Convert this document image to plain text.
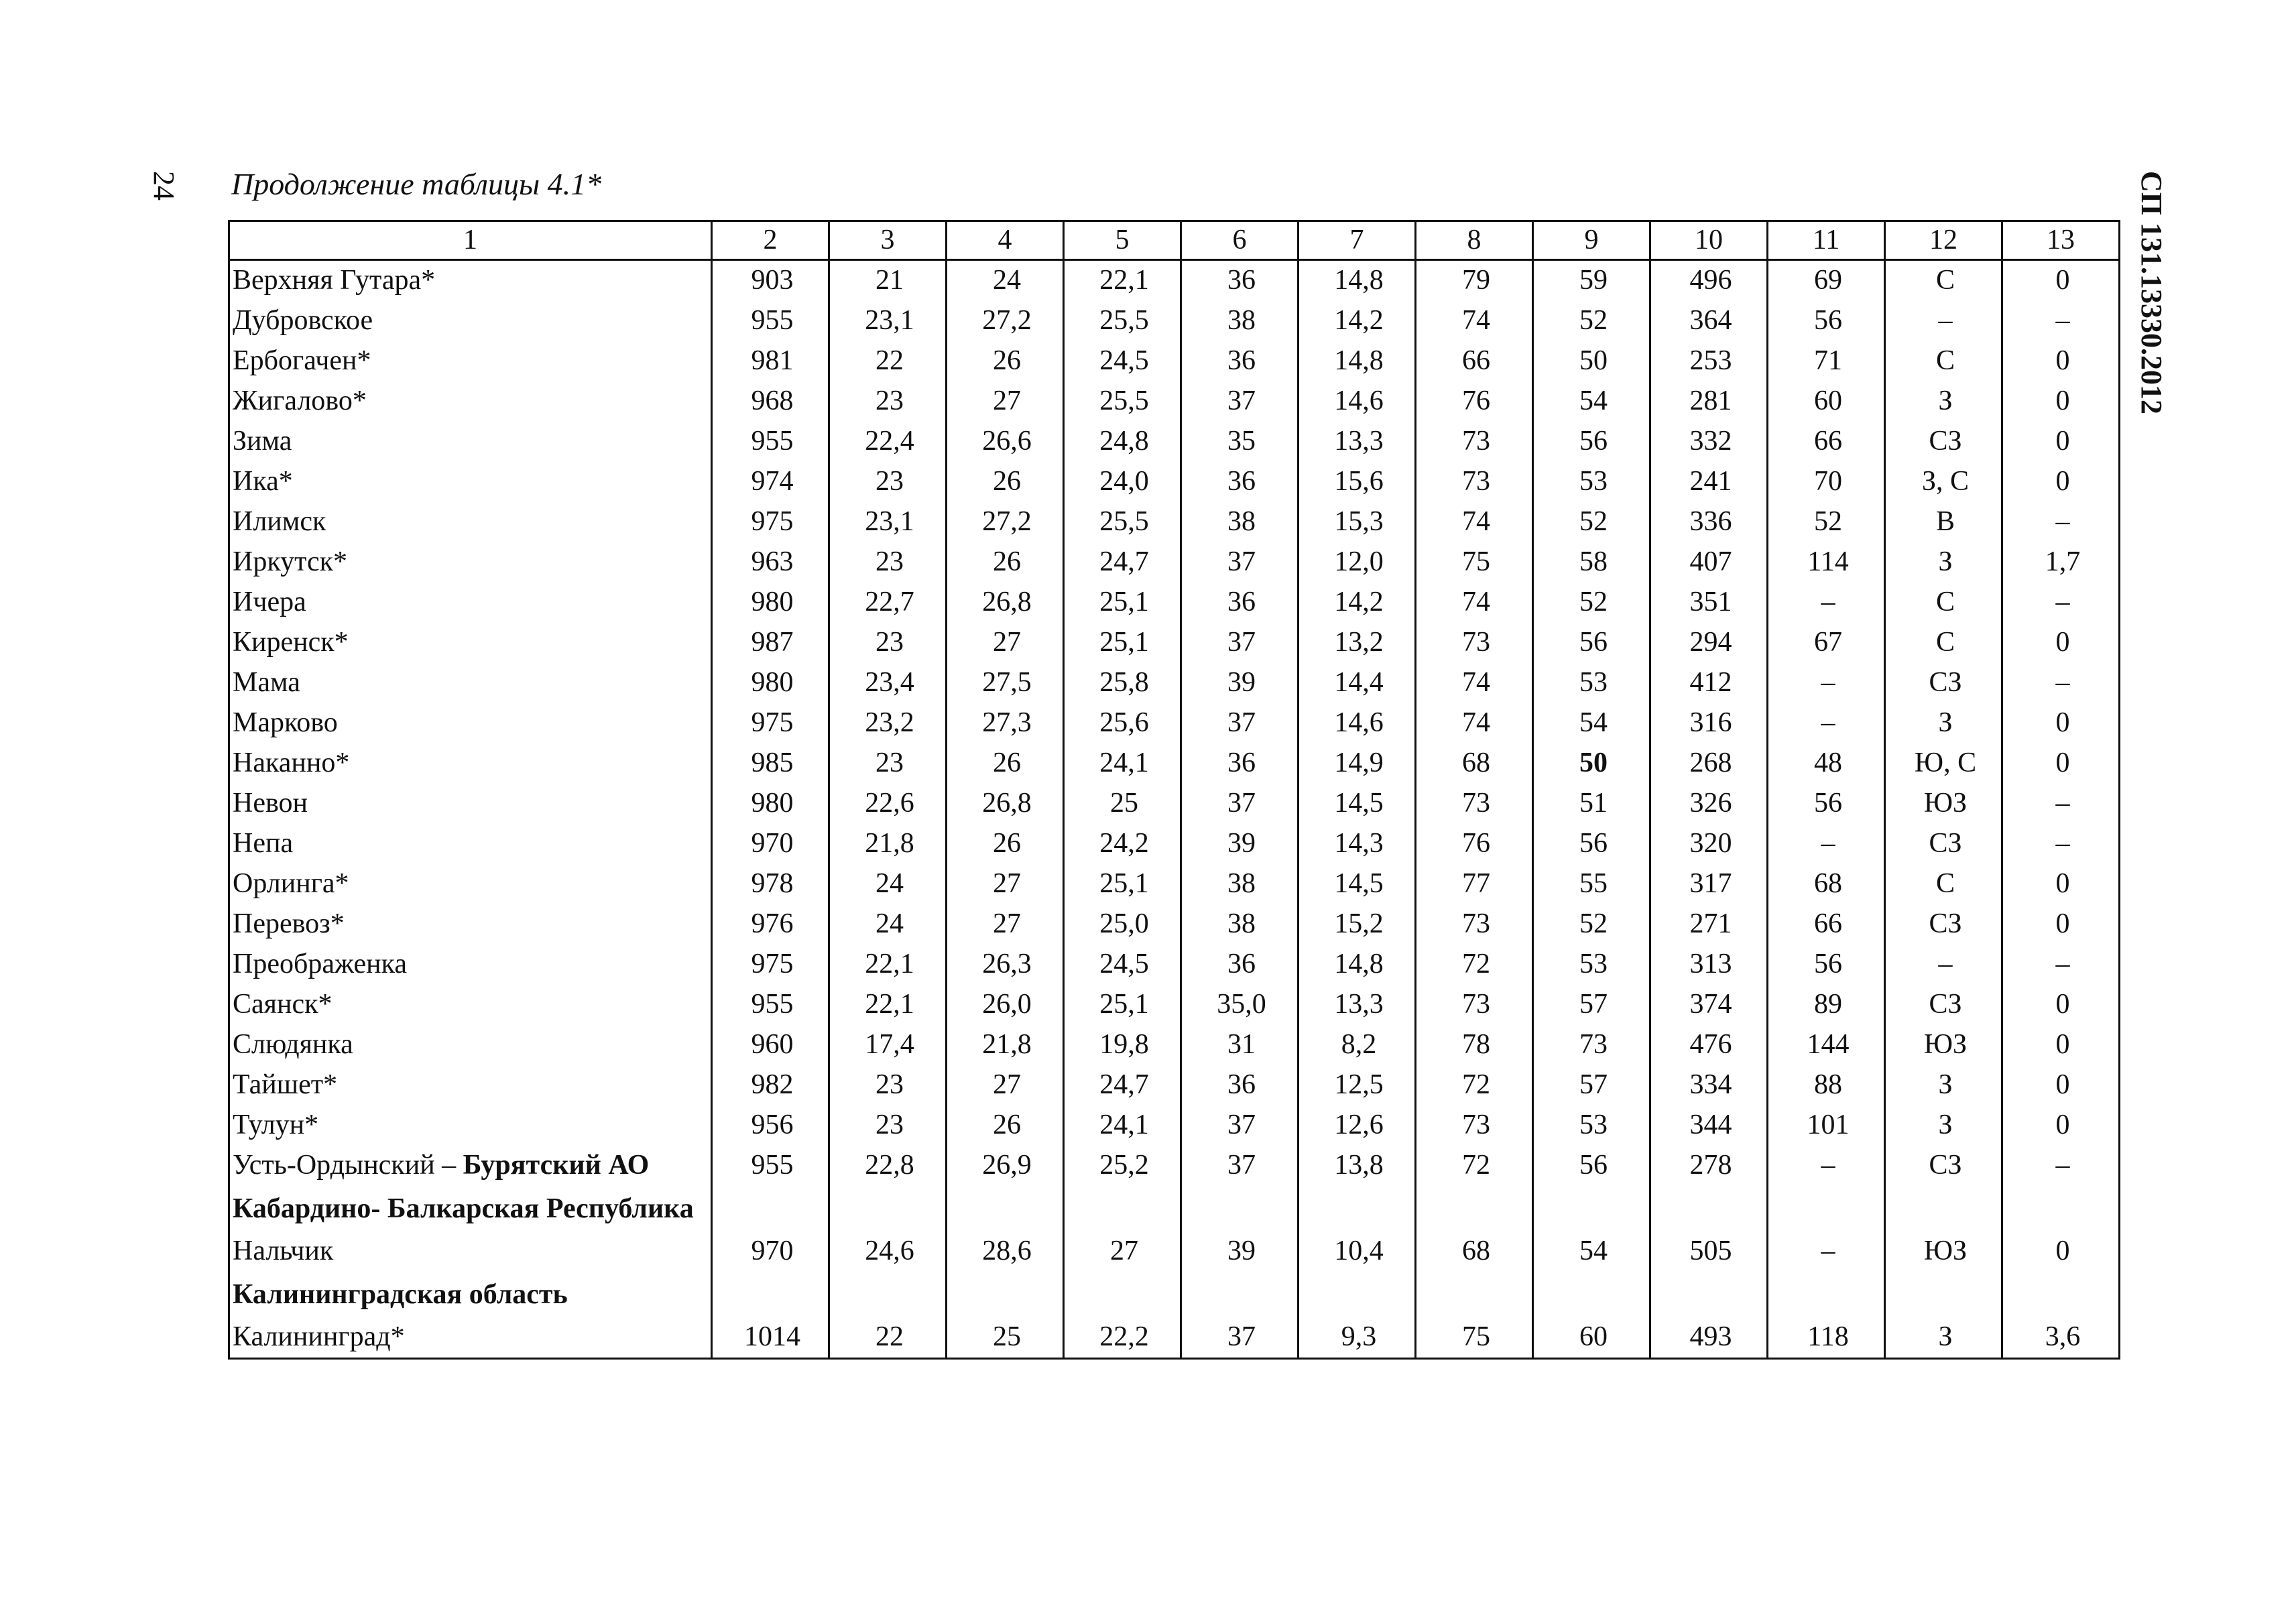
24 Продолжение таблицы 4.1*	СП 131.13330.2012
1	2	3	4	5	6	7	8	9	10	11	12	13
Верхняя Гутара*	903	21	24	22,1	36	14,8	79	59	496	69	С	0
Дубровское	955	23,1	27,2	25,5	38	14,2	74	52	364	56	–	–
Ербогачен*	981	22	26	24,5	36	14,8	66	50	253	71	С	0
Жигалово*	968	23	27	25,5	37	14,6	76	54	281	60	З	0
Зима	955	22,4	26,6	24,8	35	13,3	73	56	332	66	СЗ	0
Ика*	974	23	26	24,0	36	15,6	73	53	241	70	З, С	0
Илимск	975	23,1	27,2	25,5	38	15,3	74	52	336	52	В	–
Иркутск*	963	23	26	24,7	37	12,0	75	58	407	114	З	1,7
Ичера	980	22,7	26,8	25,1	36	14,2	74	52	351	–	С	–
Киренск*	987	23	27	25,1	37	13,2	73	56	294	67	С	0
Мама	980	23,4	27,5	25,8	39	14,4	74	53	412	–	СЗ	–
Марково	975	23,2	27,3	25,6	37	14,6	74	54	316	–	З	0
Наканно*	985	23	26	24,1	36	14,9	68	50	268	48	Ю, С	0
Невон	980	22,6	26,8	25	37	14,5	73	51	326	56	ЮЗ	–
Непа	970	21,8	26	24,2	39	14,3	76	56	320	–	СЗ	–
Орлинга*	978	24	27	25,1	38	14,5	77	55	317	68	С	0
Перевоз*	976	24	27	25,0	38	15,2	73	52	271	66	СЗ	0
Преображенка	975	22,1	26,3	24,5	36	14,8	72	53	313	56	–	–
Саянск*	955	22,1	26,0	25,1	35,0	13,3	73	57	374	89	СЗ	0
Слюдянка	960	17,4	21,8	19,8	31	8,2	78	73	476	144	ЮЗ	0
Тайшет*	982	23	27	24,7	36	12,5	72	57	334	88	З	0
Тулун*	956	23	26	24,1	37	12,6	73	53	344	101	З	0
Усть-Ордынский – Бурятский АО	955	22,8	26,9	25,2	37	13,8	72	56	278	–	СЗ	–
Кабардино- Балкарская Республика												
Нальчик	970	24,6	28,6	27	39	10,4	68	54	505	–	ЮЗ	0
Калининградская область												
Калининград*	1014	22	25	22,2	37	9,3	75	60	493	118	З	3,6
